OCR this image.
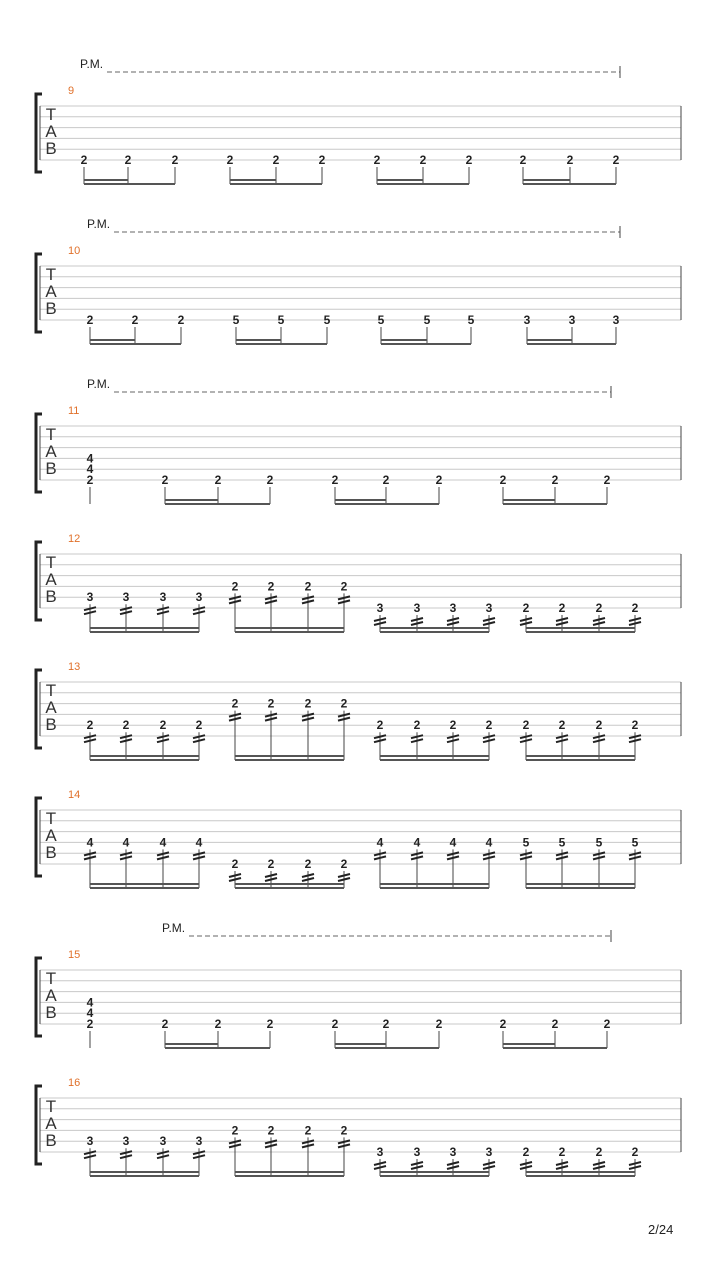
P.M.
9
T
A
B
2	2	2	2	2	2	2	2	2	2	2	2
P.M.
10
T
A
B
2	2	2	5	5	5	5	5	5	3	3	3
P.M.
11
T
A
B
4
4
2	2	2	2	2	2	2	2	2	2
12
T
A
B 3 3	3 3
2 2	2 2
3	3 3 3	2 2	2 2
13
T
A
B 2 2	2 2
2 2	2 2
2	2 2 2	2 2	2 2
14
T
A
B
4 4	4 4
2 2	2 2
4	4 4 4	5 5	5 5
P.M.
15
T
A
B
4
4
2	2	2	2	2	2	2	2	2	2
16
T
A
B 3 3	3 3
2 2	2 2
3	3 3 3	2 2	2 2
2/24
